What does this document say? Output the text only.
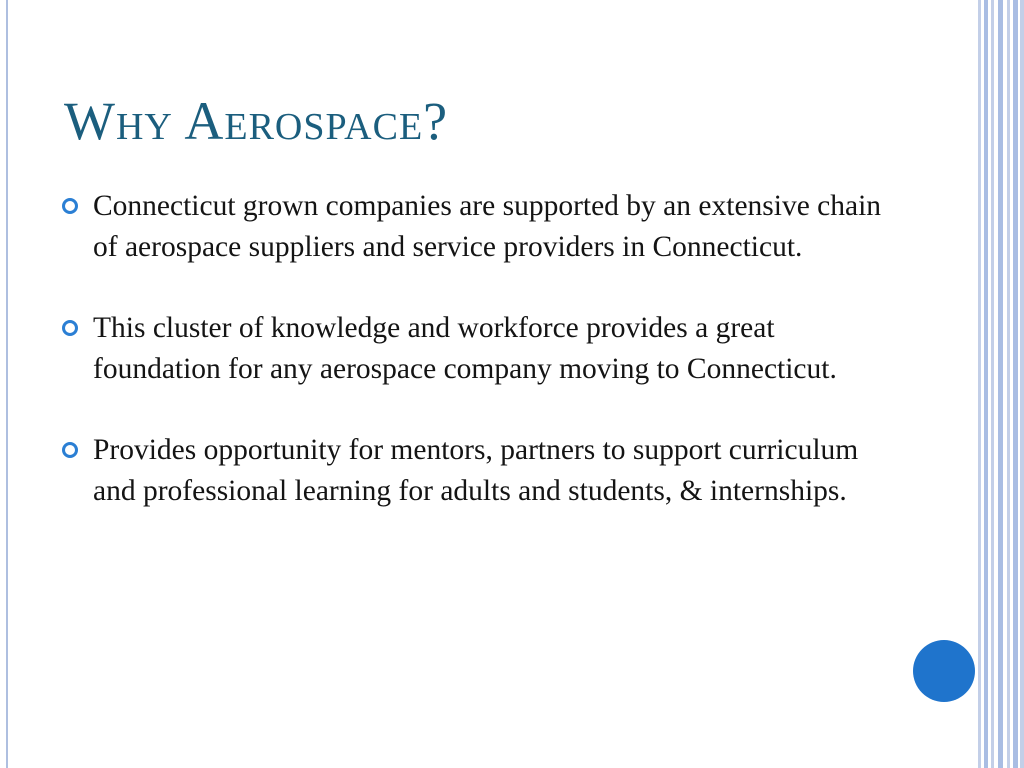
Why Aerospace?
Connecticut grown companies are supported by an extensive chain of aerospace suppliers and service providers in Connecticut.
This cluster of knowledge and workforce provides a great foundation for any aerospace company moving to Connecticut.
Provides opportunity for mentors, partners to support curriculum and professional learning for adults and students, & internships.
